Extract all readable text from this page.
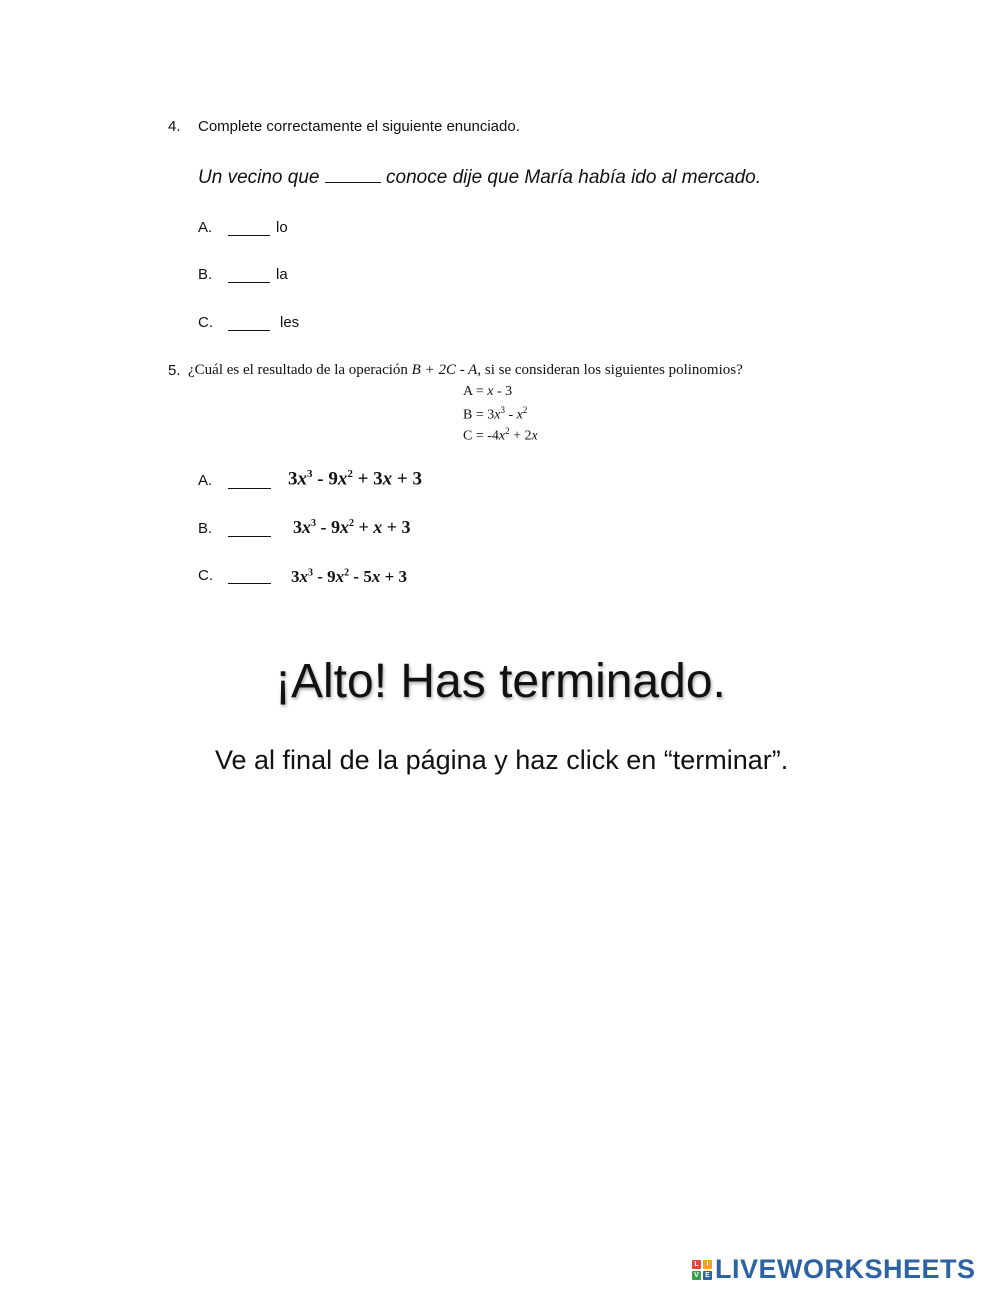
4. Complete correctamente el siguiente enunciado.
Un vecino que	conoce dije que María había ido al mercado.
A.	lo
B.	la
C.	les
5. ¿Cuál es el resultado de la operación B + 2C - A, si se consideran los siguientes polinomios?
A = x - 3
$B = 3x^3 - x^2$
$C = -4x^2 + 2x$
A.	$3x^3 - 9x^2 + 3x + 3$
B.	$3x^3 - 9x^2 + x + 3$
C.	$3x^3 - 9x^2 - 5x + 3$
¡Alto! Has terminado.
Ve al final de la página y haz click en “terminar”.
L	I
V E LIVEWORKSHEETS
